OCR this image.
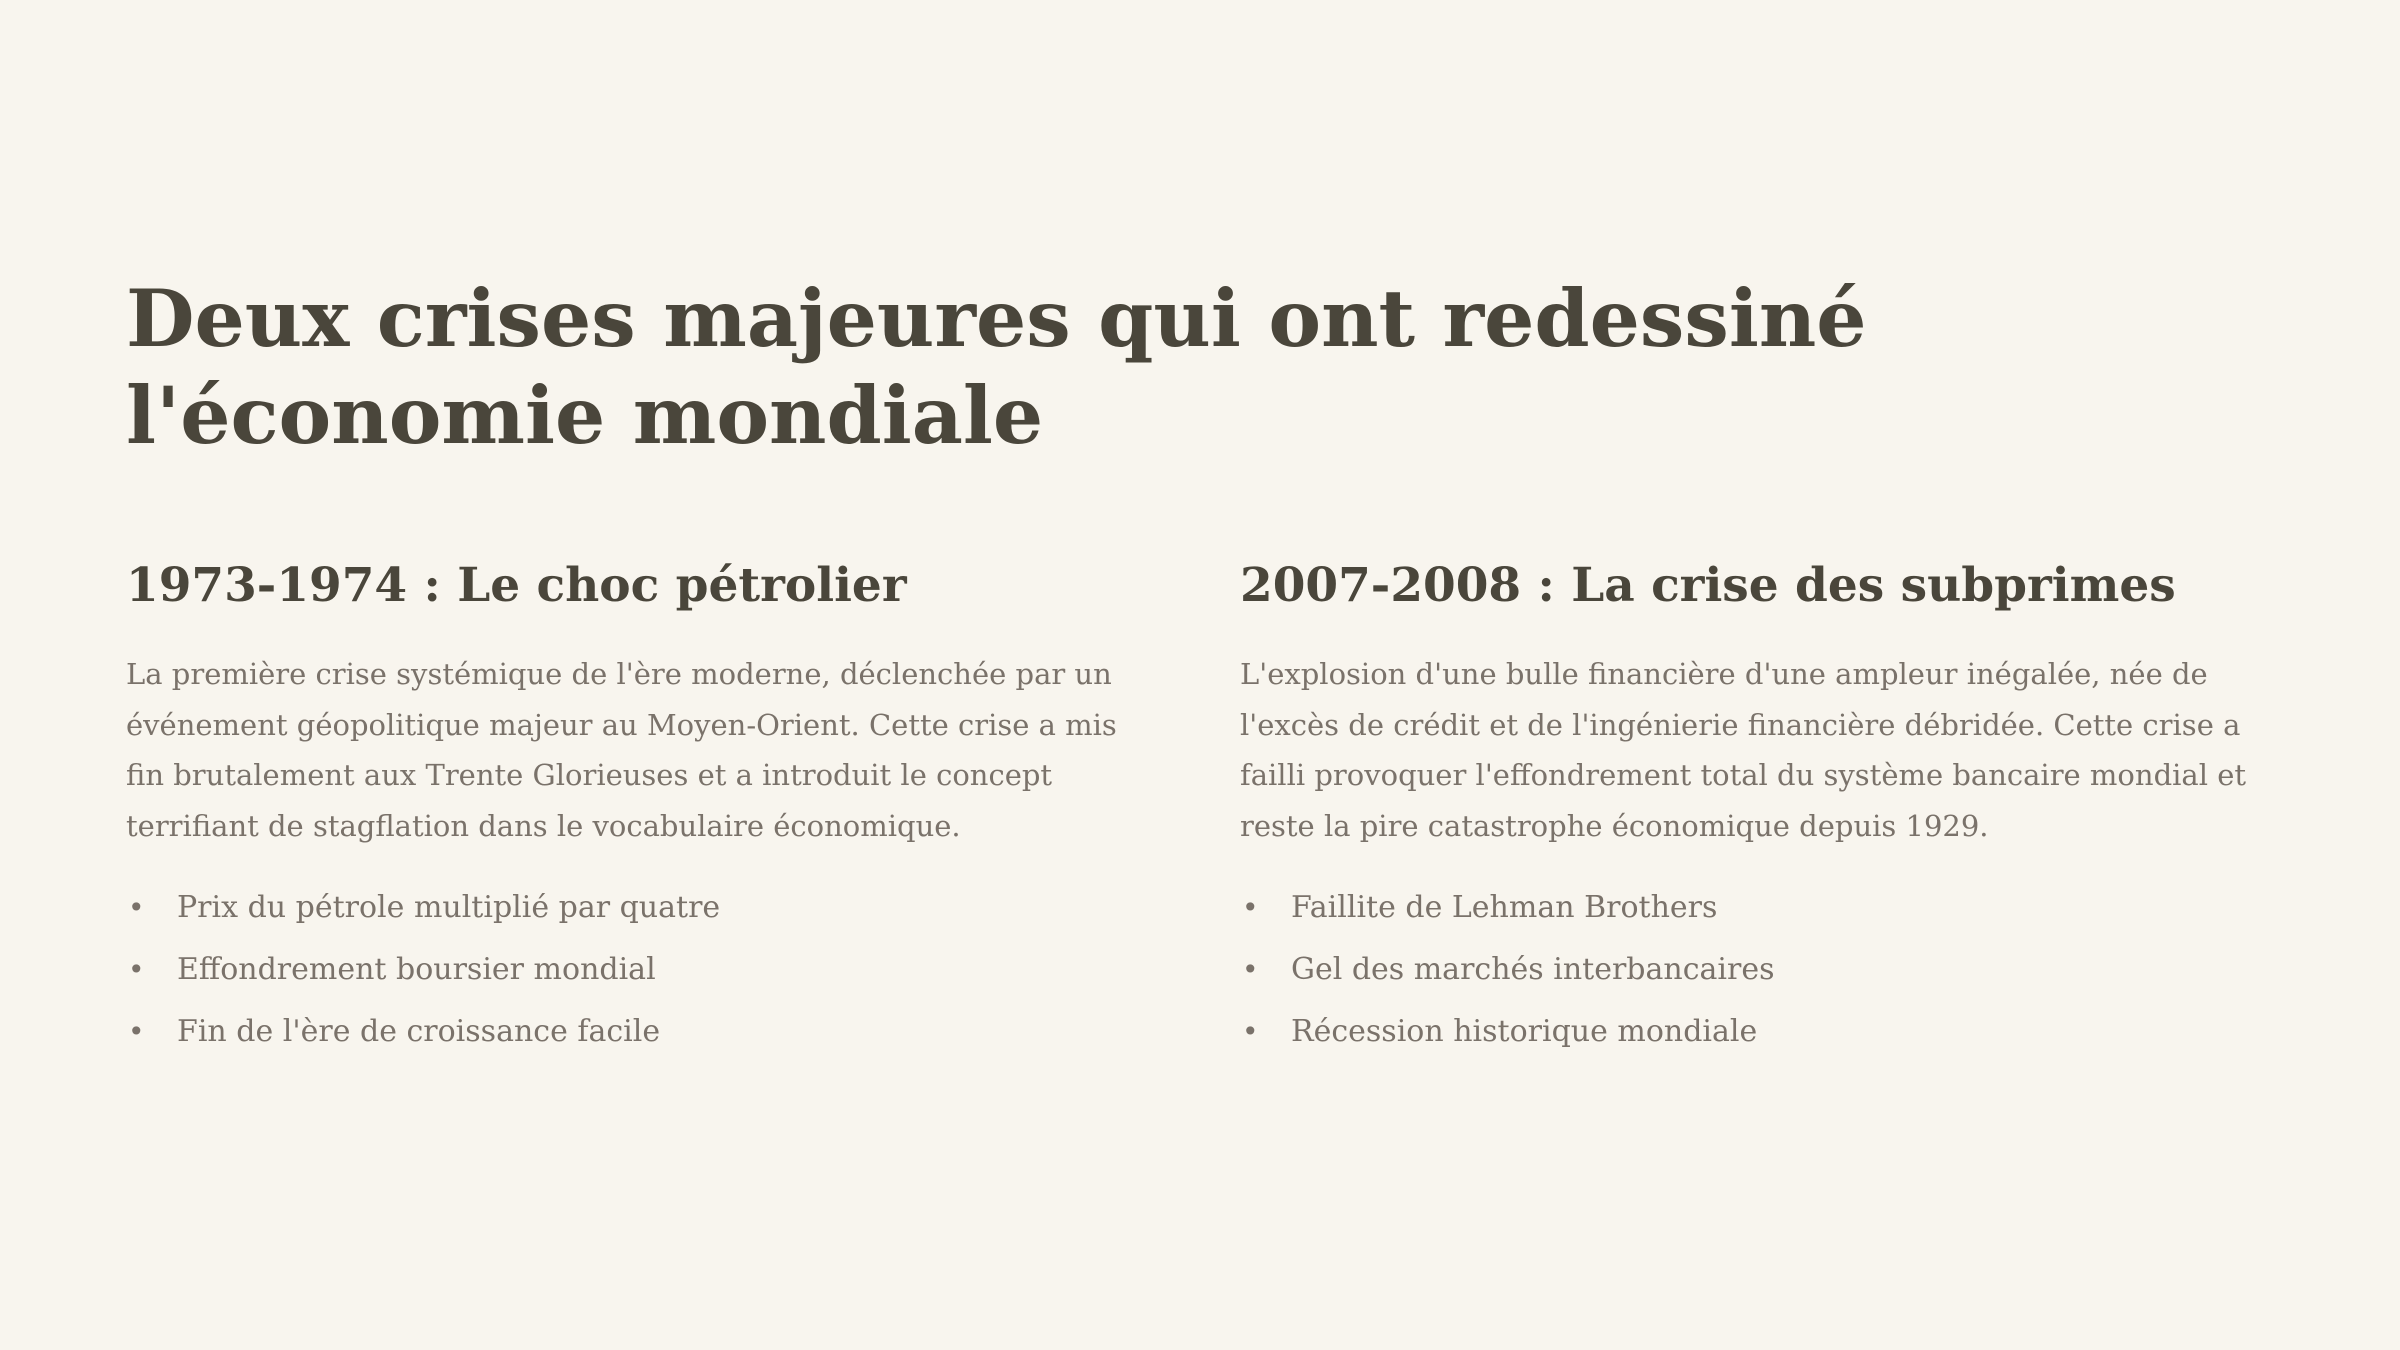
Deux crises majeures qui ont redessiné l'économie mondiale
1973-1974 : Le choc pétrolier

La première crise systémique de l'ère moderne, déclenchée par un événement géopolitique majeur au Moyen-Orient. Cette crise a mis fin brutalement aux Trente Glorieuses et a introduit le concept terrifiant de stagflation dans le vocabulaire économique.

• Prix du pétrole multiplié par quatre
• Effondrement boursier mondial
• Fin de l'ère de croissance facile
2007-2008 : La crise des subprimes

L'explosion d'une bulle financière d'une ampleur inégalée, née de l'excès de crédit et de l'ingénierie financière débridée. Cette crise a failli provoquer l'effondrement total du système bancaire mondial et reste la pire catastrophe économique depuis 1929.

• Faillite de Lehman Brothers
• Gel des marchés interbancaires
• Récession historique mondiale
